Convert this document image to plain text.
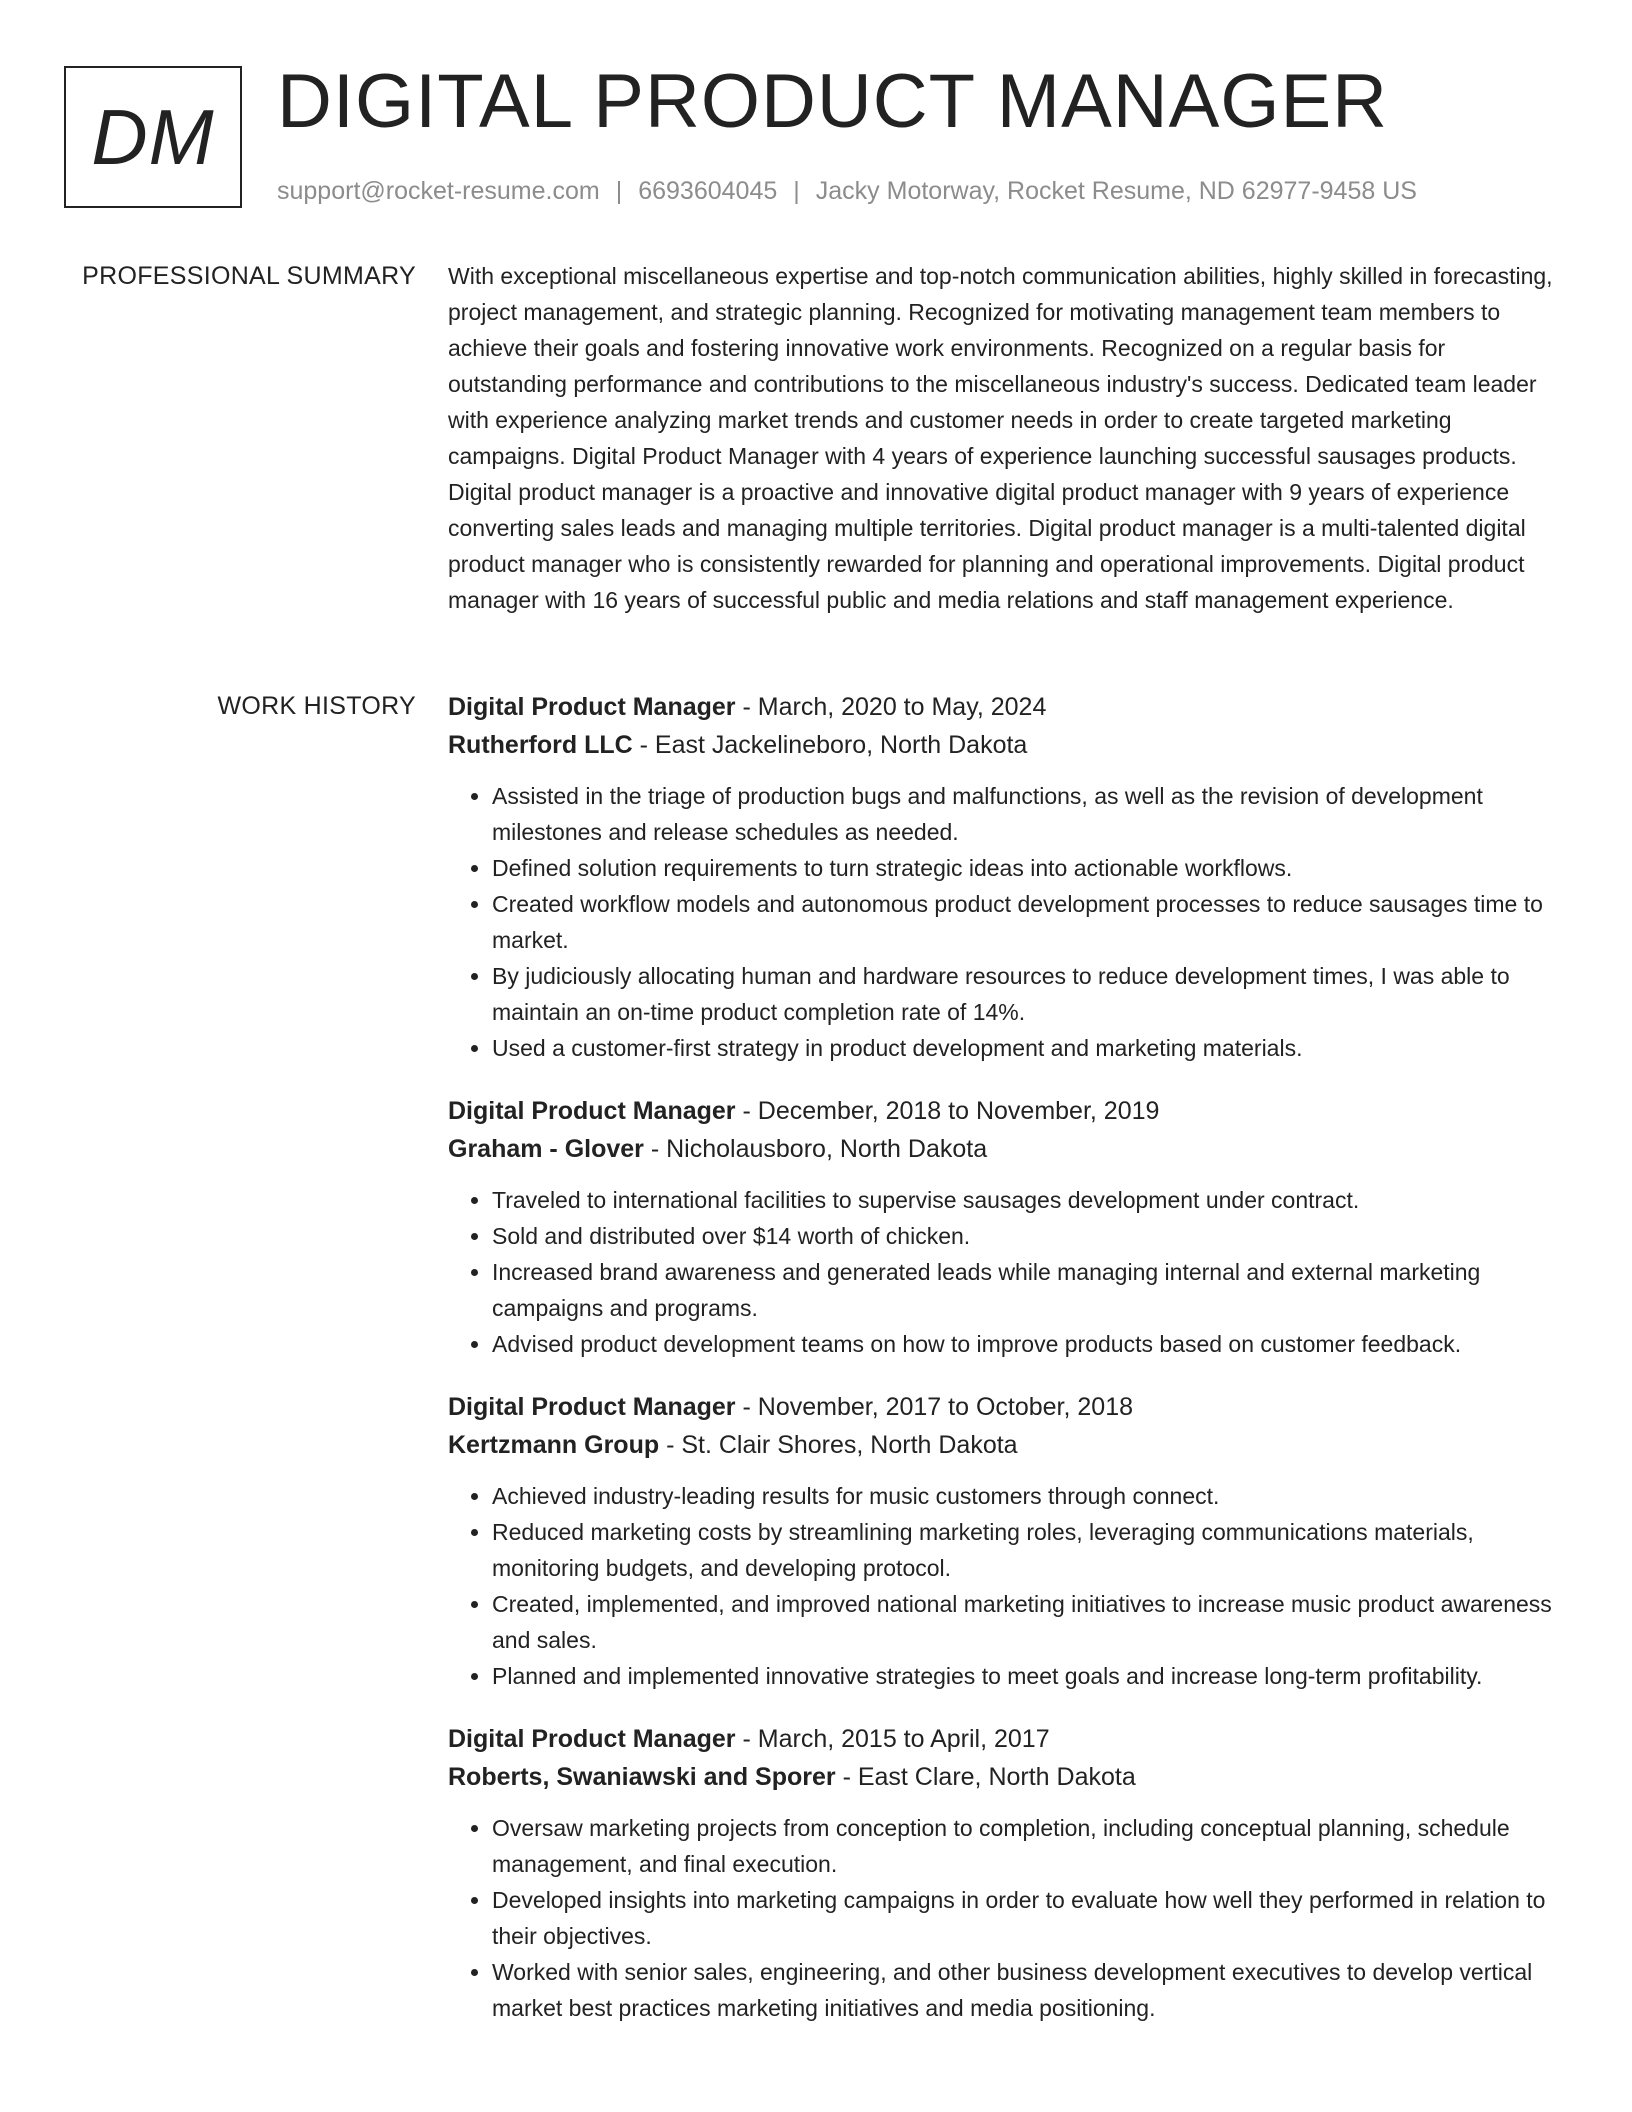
DM DIGITAL PRODUCT MANAGER
support@rocket-resume.com | 6693604045 | Jacky Motorway, Rocket Resume, ND 62977-9458 US
PROFESSIONAL SUMMARY With exceptional miscellaneous expertise and top-notch communication abilities, highly skilled in forecasting, project management, and strategic planning. Recognized for motivating management team members to achieve their goals and fostering innovative work environments. Recognized on a regular basis for outstanding performance and contributions to the miscellaneous industry's success. Dedicated team leader with experience analyzing market trends and customer needs in order to create targeted marketing campaigns. Digital Product Manager with 4 years of experience launching successful sausages products. Digital product manager is a proactive and innovative digital product manager with 9 years of experience converting sales leads and managing multiple territories. Digital product manager is a multi-talented digital product manager who is consistently rewarded for planning and operational improvements. Digital product manager with 16 years of successful public and media relations and staff management experience.

WORK HISTORY Digital Product Manager - March, 2020 to May, 2024
Rutherford LLC - East Jackelineboro, North Dakota
• Assisted in the triage of production bugs and malfunctions, as well as the revision of development milestones and release schedules as needed.
• Defined solution requirements to turn strategic ideas into actionable workflows.
• Created workflow models and autonomous product development processes to reduce sausages time to market.
• By judiciously allocating human and hardware resources to reduce development times, I was able to maintain an on-time product completion rate of 14%.
• Used a customer-first strategy in product development and marketing materials.
Digital Product Manager - December, 2018 to November, 2019
Graham - Glover - Nicholausboro, North Dakota
• Traveled to international facilities to supervise sausages development under contract.
• Sold and distributed over $14 worth of chicken.
• Increased brand awareness and generated leads while managing internal and external marketing campaigns and programs.
• Advised product development teams on how to improve products based on customer feedback.
Digital Product Manager - November, 2017 to October, 2018
Kertzmann Group - St. Clair Shores, North Dakota
• Achieved industry-leading results for music customers through connect.
• Reduced marketing costs by streamlining marketing roles, leveraging communications materials, monitoring budgets, and developing protocol.
• Created, implemented, and improved national marketing initiatives to increase music product awareness and sales.
• Planned and implemented innovative strategies to meet goals and increase long-term profitability.
Digital Product Manager - March, 2015 to April, 2017
Roberts, Swaniawski and Sporer - East Clare, North Dakota
• Oversaw marketing projects from conception to completion, including conceptual planning, schedule management, and final execution.
• Developed insights into marketing campaigns in order to evaluate how well they performed in relation to their objectives.
• Worked with senior sales, engineering, and other business development executives to develop vertical market best practices marketing initiatives and media positioning.
